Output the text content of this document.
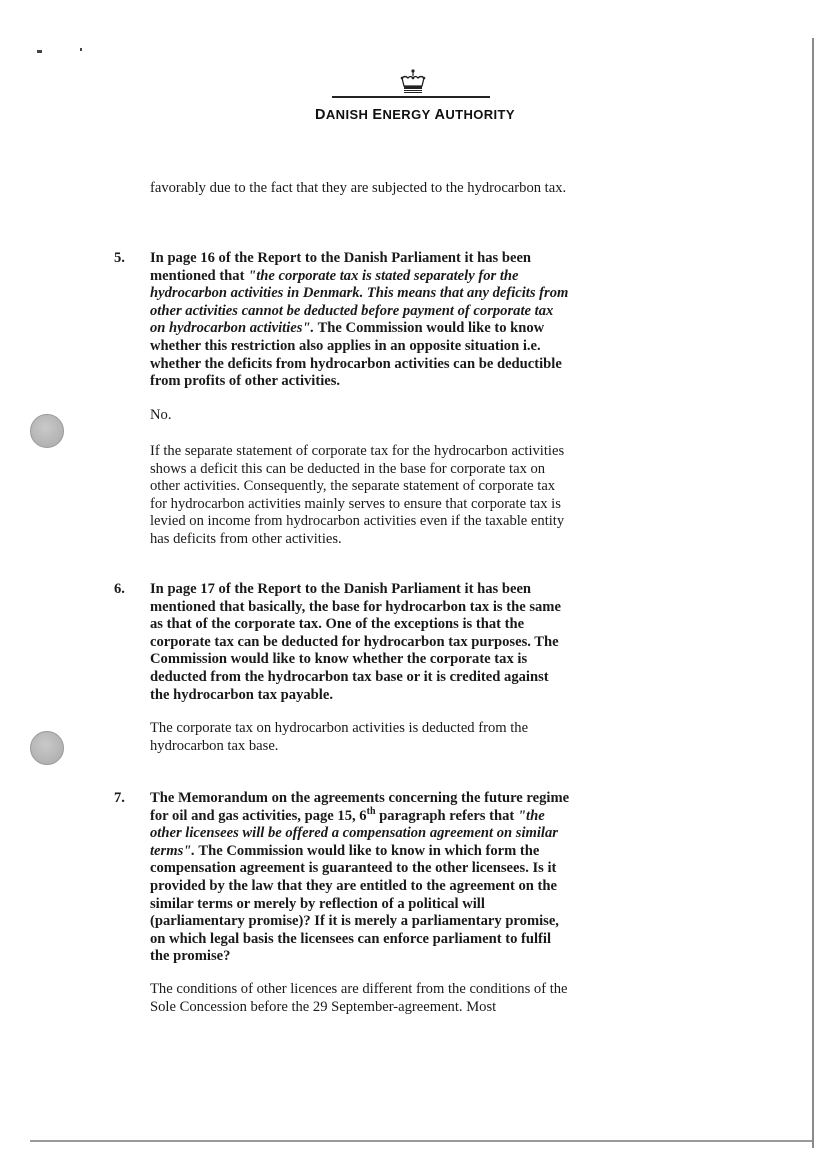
DANISH ENERGY AUTHORITY
favorably due to the fact that they are subjected to the hydrocarbon tax.
5. In page 16 of the Report to the Danish Parliament it has been mentioned that "the corporate tax is stated separately for the hydrocarbon activities in Denmark. This means that any deficits from other activities cannot be deducted before payment of corporate tax on hydrocarbon activities". The Commission would like to know whether this restriction also applies in an opposite situation i.e. whether the deficits from hydrocarbon activities can be deductible from profits of other activities.
No.
If the separate statement of corporate tax for the hydrocarbon activities shows a deficit this can be deducted in the base for corporate tax on other activities. Consequently, the separate statement of corporate tax for hydrocarbon activities mainly serves to ensure that corporate tax is levied on income from hydrocarbon activities even if the taxable entity has deficits from other activities.
6. In page 17 of the Report to the Danish Parliament it has been mentioned that basically, the base for hydrocarbon tax is the same as that of the corporate tax. One of the exceptions is that the corporate tax can be deducted for hydrocarbon tax purposes. The Commission would like to know whether the corporate tax is deducted from the hydrocarbon tax base or it is credited against the hydrocarbon tax payable.
The corporate tax on hydrocarbon activities is deducted from the hydrocarbon tax base.
7. The Memorandum on the agreements concerning the future regime for oil and gas activities, page 15, 6th paragraph refers that "the other licensees will be offered a compensation agreement on similar terms". The Commission would like to know in which form the compensation agreement is guaranteed to the other licensees. Is it provided by the law that they are entitled to the agreement on the similar terms or merely by reflection of a political will (parliamentary promise)? If it is merely a parliamentary promise, on which legal basis the licensees can enforce parliament to fulfil the promise?
The conditions of other licences are different from the conditions of the Sole Concession before the 29 September-agreement. Most
